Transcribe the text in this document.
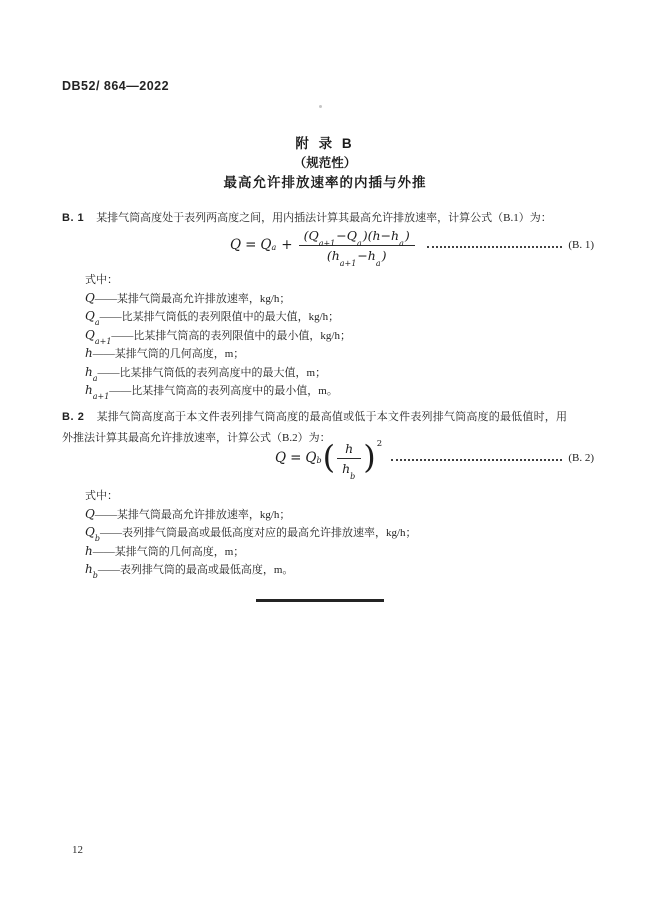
DB52/ 864—2022
附 录 B
（规范性）
最高允许排放速率的内插与外推

B. 1 某排气筒高度处于表列两高度之间，用内插法计算其最高允许排放速率，计算公式（B.1）为：

$Q = Q_a + \frac{(Q_{a+1}-Q_a)(h-h_a)}{(h_{a+1}-h_a)}$	(B. 1)
式中：
Q——某排气筒最高允许排放速率，kg/h；
$Q_a——$比某排气筒低的表列限值中的最大值，kg/h；
$Q_{a+1}——$比某排气筒高的表列限值中的最小值，kg/h；
h——某排气筒的几何高度，m；
$h_a——$比某排气筒低的表列高度中的最大值，m；
$h_{a+1}——$比某排气筒高的表列高度中的最小值，m。

B. 2 某排气筒高度高于本文件表列排气筒高度的最高值或低于本文件表列排气筒高度的最低值时，用外推法计算其最高允许排放速率，计算公式（B.2）为：

$Q = Q_b$ ( $\frac{h}{h_b}$ ) 2
(B. 2)
式中：
Q——某排气筒最高允许排放速率，kg/h；
$Q_b——$表列排气筒最高或最低高度对应的最高允许排放速率，kg/h；
h——某排气筒的几何高度，m；
$h_b——$表列排气筒的最高或最低高度，m。
12
